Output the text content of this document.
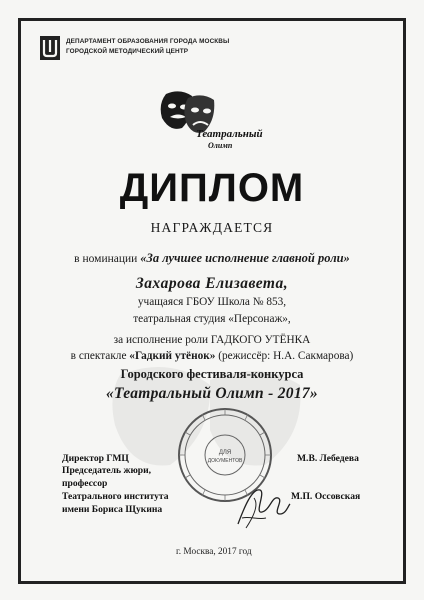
ДЕПАРТАМЕНТ ОБРАЗОВАНИЯ ГОРОДА МОСКВЫ
ГОРОДСКОЙ МЕТОДИЧЕСКИЙ ЦЕНТР
Театральный
Олимп
ДИПЛОМ
НАГРАЖДАЕТСЯ
в номинации «За лучшее исполнение главной роли»
Захарова Елизавета,
учащаяся ГБОУ Школа № 853,
театральная студия «Персонаж»,
за исполнение роли ГАДКОГО УТЁНКА
в спектакле «Гадкий утёнок» (режиссёр: Н.А. Сакмарова)
Городского фестиваля-конкурса
«Театральный Олимп - 2017»
ДЛЯ
ДОКУМЕНТОВ
Директор ГМЦ	М.В. Лебедева
Председатель жюри,
профессор
Театрального института
имени Бориса Щукина
М.П. Оссовская
г. Москва, 2017 год
